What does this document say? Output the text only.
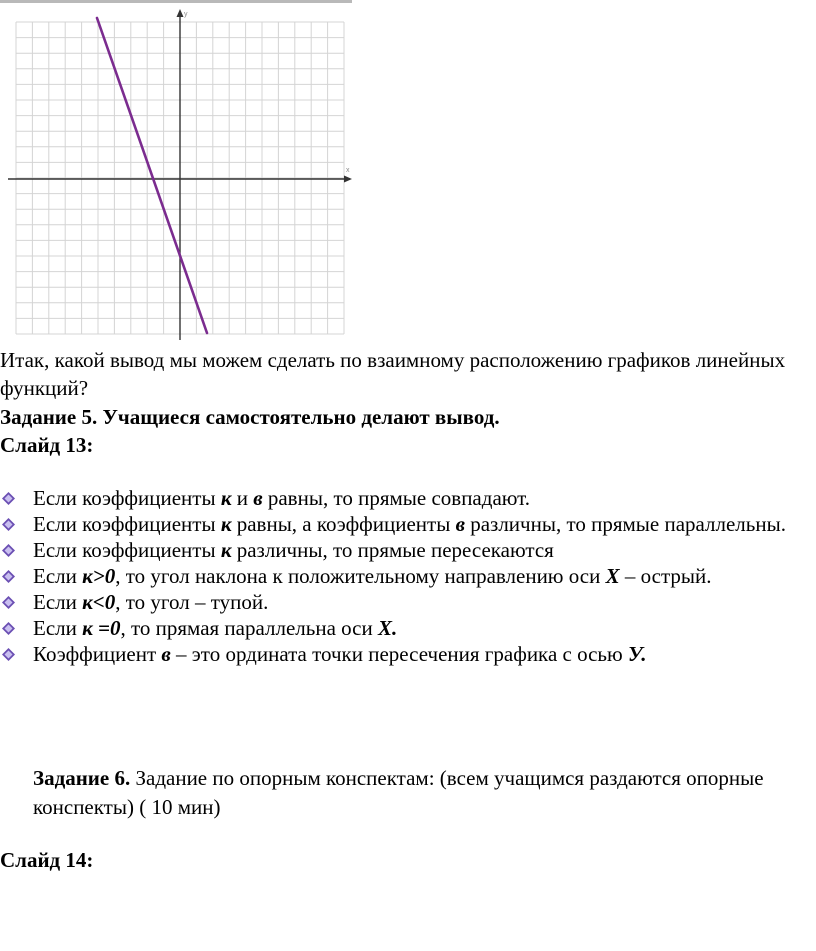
x
y
Итак, какой вывод мы можем сделать по взаимному расположению графиков линейных функций?
Задание 5. Учащиеся самостоятельно делают вывод.
Слайд 13:
Если коэффициенты к и в равны, то прямые совпадают.
Если коэффициенты к равны, а коэффициенты в различны, то прямые параллельны.
Если коэффициенты к различны, то прямые пересекаются
Если к>0, то угол наклона к положительному направлению оси Х – острый.
Если к<0, то угол – тупой.
Если к =0, то прямая параллельна оси Х.
Коэффициент в – это ордината точки пересечения графика с осью У.
Задание 6. Задание по опорным конспектам: (всем учащимся раздаются опорные конспекты) ( 10 мин)
Слайд 14:
